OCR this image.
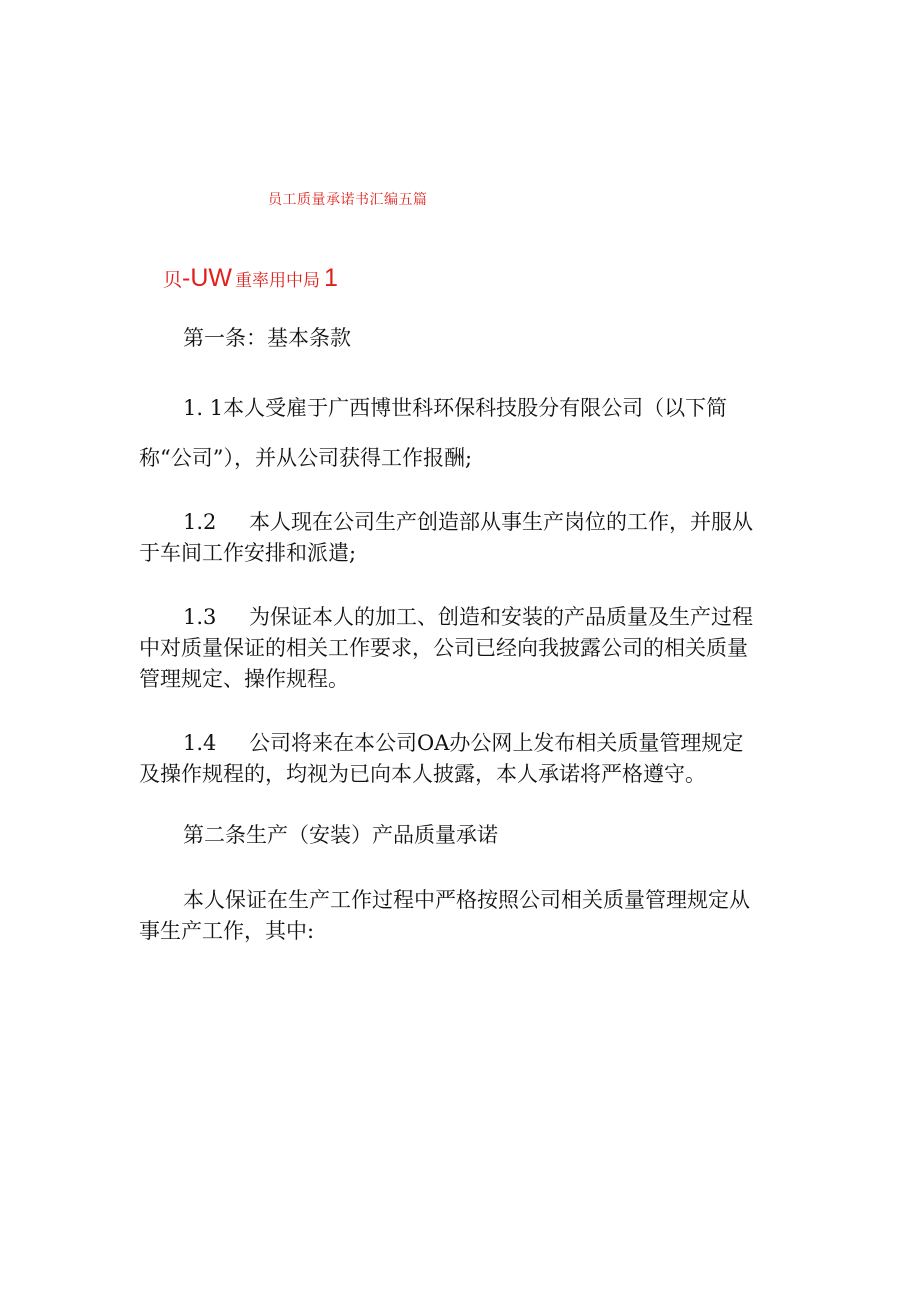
员工质量承诺书汇编五篇
贝-UW 重率用中局 1
第一条：基本条款
1. 1本人受雇于广西博世科环保科技股分有限公司（以下简
称“公司”），并从公司获得工作报酬;
1.2 本人现在公司生产创造部从事生产岗位的工作，并服从
于车间工作安排和派遣;
1.3 为保证本人的加工、创造和安装的产品质量及生产过程
中对质量保证的相关工作要求，公司已经向我披露公司的相关质量
管理规定、操作规程。
1.4 公司将来在本公司OA办公网上发布相关质量管理规定
及操作规程的，均视为已向本人披露，本人承诺将严格遵守。
第二条生产（安装）产品质量承诺
本人保证在生产工作过程中严格按照公司相关质量管理规定从
事生产工作，其中:
